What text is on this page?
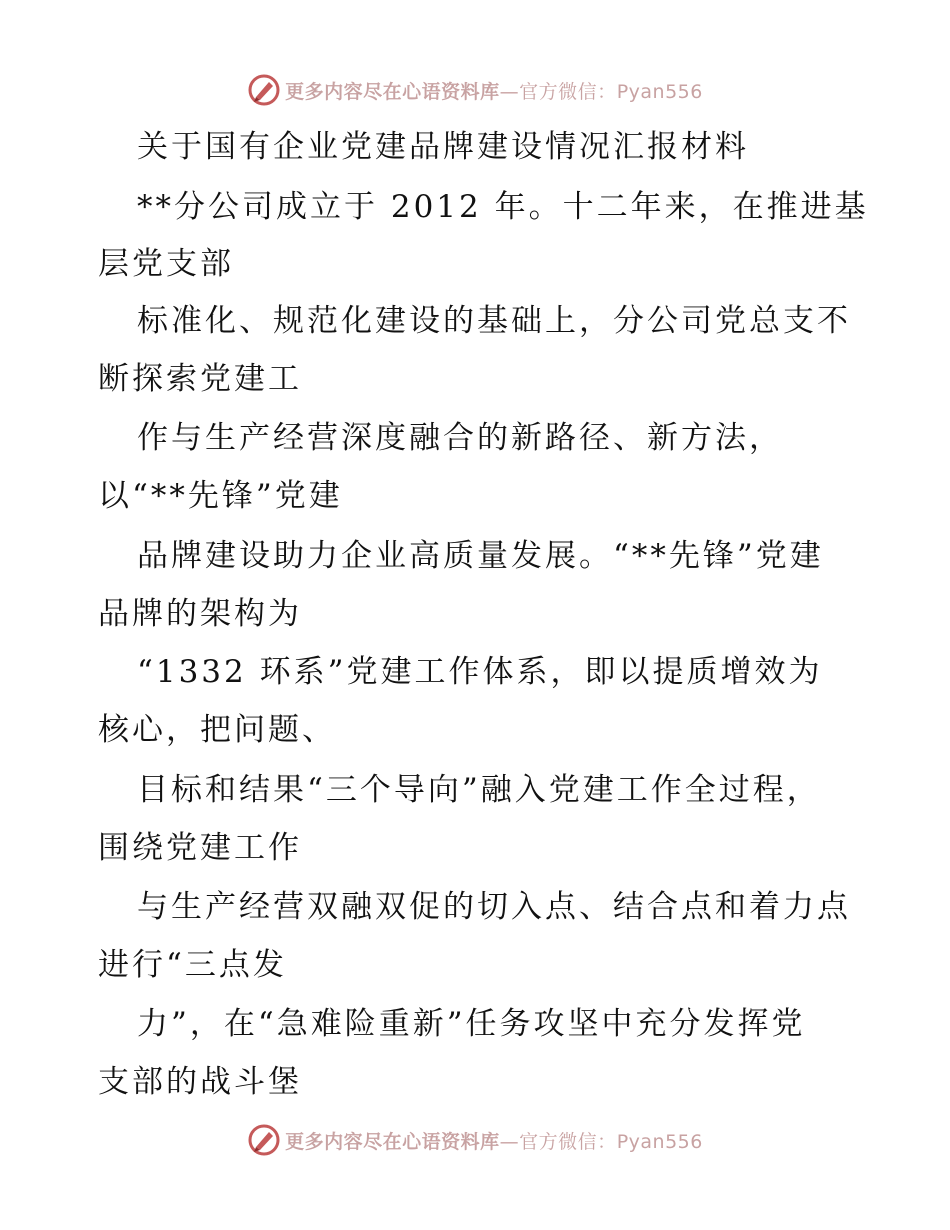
更多内容尽在心语资料库—官方微信：Pyan556
关于国有企业党建品牌建设情况汇报材料
**分公司成立于 2012 年。十二年来，在推进基
层党支部
标准化、规范化建设的基础上，分公司党总支不
断探索党建工
作与生产经营深度融合的新路径、新方法，
以“**先锋”党建
品牌建设助力企业高质量发展。“**先锋”党建
品牌的架构为
“1332 环系”党建工作体系，即以提质增效为
核心，把问题、
目标和结果“三个导向”融入党建工作全过程，
围绕党建工作
与生产经营双融双促的切入点、结合点和着力点
进行“三点发
力”，在“急难险重新”任务攻坚中充分发挥党
支部的战斗堡
更多内容尽在心语资料库—官方微信：Pyan556
